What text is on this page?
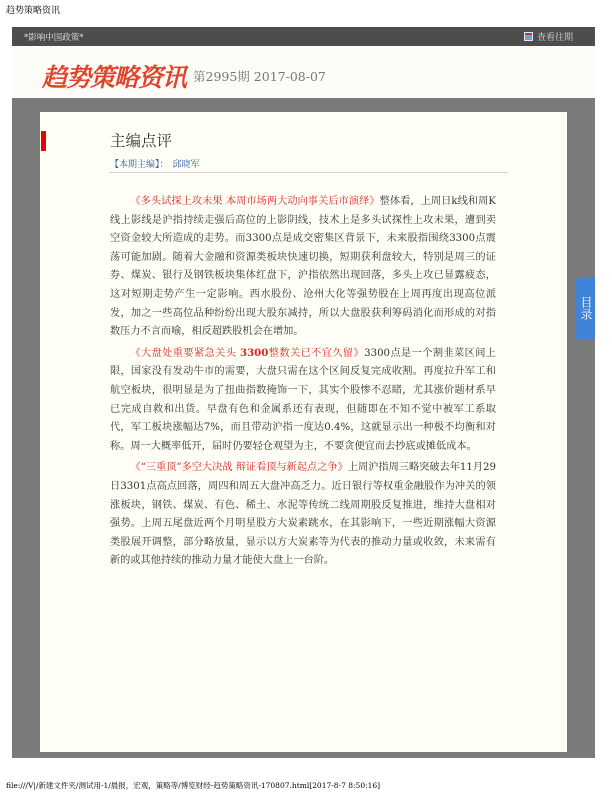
趋势策略资讯
*影响中国政策*	查看往期
趋势策略资讯 第2995期 2017-08-07
主编点评
【本期主编】： 邱晓军

《多头试探上攻未果 本周市场两大动向事关后市演绎》整体看，上周日k线和周K线上影线是沪指持续走强后高位的上影阴线，技术上是多头试探性上攻未果，遭到卖空资金较大所造成的走势。而3300点是成交密集区背景下，未来股指围绕3300点震荡可能加剧。随着大金融和资源类板块快速切换，短期获利盘较大，特别是周三的证券、煤炭、银行及钢铁板块集体红盘下，沪指依然出现回落，多头上攻已显露疲态，这对短期走势产生一定影响。西水股份、沧州大化等强势股在上周再度出现高位派发，加之一些高位品种纷纷出现大股东减持，所以大盘股获利筹码消化而形成的对指数压力不言而喻，相反超跌股机会在增加。

《大盘处重要紧急关头 3300整数关已不宜久留》3300点是一个割韭菜区间上限，国家没有发动牛市的需要，大盘只需在这个区间反复完成收割。再度拉升军工和航空板块，很明显是为了扭曲指数掩饰一下，其实个股惨不忍睹，尤其涨价题材系早已完成自救和出货。早盘有色和金属系还有表现，但随即在不知不觉中被军工系取代，军工板块涨幅达7%，而且带动沪指一度达0.4%，这就显示出一种极不均衡和对称。周一大概率低开，届时仍要轻仓观望为主，不要贪便宜而去抄底或摊低成本。

《“三重顶”多空大决战 辩证看顶与新起点之争》上周沪指周三略突破去年11月29日3301点高点回落，周四和周五大盘冲高乏力。近日银行等权重金融股作为冲关的领涨板块，钢铁、煤炭、有色、稀土、水泥等传统二线周期股反复推进，维持大盘相对强势。上周五尾盘近两个月明星股方大炭素跳水，在其影响下，一些近期涨幅大资源类股展开调整，部分略放量，显示以方大炭素等为代表的推动力量或收敛，未来需有新的或其他持续的推动力量才能使大盘上一台阶。

目录
file:///V|/新建文件夹/测试用-1/晨报，宏观，策略等/博览财经-趋势策略资讯-170807.html[2017-8-7 8:50:16]
